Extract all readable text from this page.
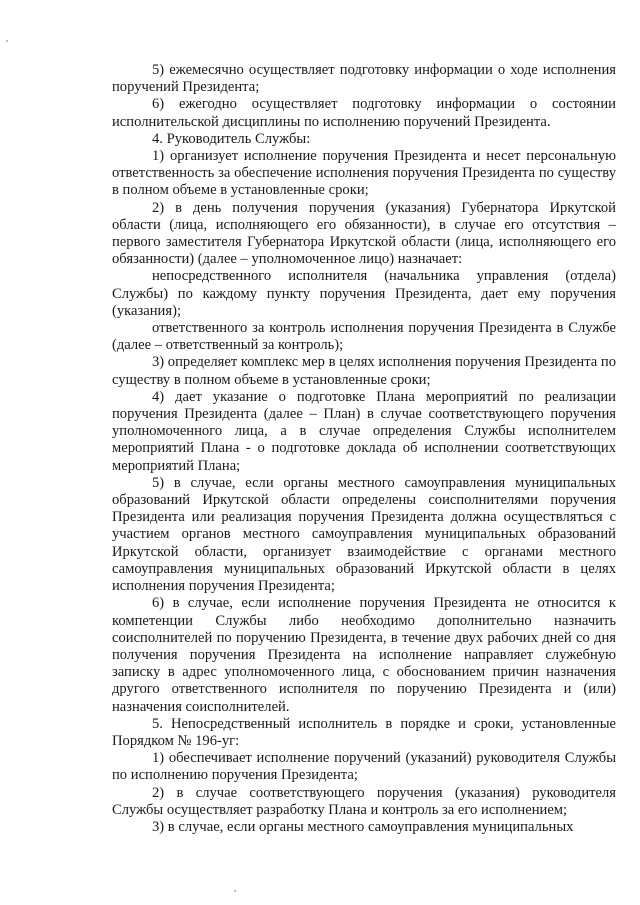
5) ежемесячно осуществляет подготовку информации о ходе исполнения поручений Президента;

6) ежегодно осуществляет подготовку информации о состоянии исполнительской дисциплины по исполнению поручений Президента.

4. Руководитель Службы:

1) организует исполнение поручения Президента и несет персональную ответственность за обеспечение исполнения поручения Президента по существу в полном объеме в установленные сроки;

2) в день получения поручения (указания) Губернатора Иркутской области (лица, исполняющего его обязанности), в случае его отсутствия – первого заместителя Губернатора Иркутской области (лица, исполняющего его обязанности) (далее – уполномоченное лицо) назначает:

непосредственного исполнителя (начальника управления (отдела) Службы) по каждому пункту поручения Президента, дает ему поручения (указания);

ответственного за контроль исполнения поручения Президента в Службе (далее – ответственный за контроль);

3) определяет комплекс мер в целях исполнения поручения Президента по существу в полном объеме в установленные сроки;

4) дает указание о подготовке Плана мероприятий по реализации поручения Президента (далее – План) в случае соответствующего поручения уполномоченного лица, а в случае определения Службы исполнителем мероприятий Плана - о подготовке доклада об исполнении соответствующих мероприятий Плана;

5) в случае, если органы местного самоуправления муниципальных образований Иркутской области определены соисполнителями поручения Президента или реализация поручения Президента должна осуществляться с участием органов местного самоуправления муниципальных образований Иркутской области, организует взаимодействие с органами местного самоуправления муниципальных образований Иркутской области в целях исполнения поручения Президента;

6) в случае, если исполнение поручения Президента не относится к компетенции Службы либо необходимо дополнительно назначить соисполнителей по поручению Президента, в течение двух рабочих дней со дня получения поручения Президента на исполнение направляет служебную записку в адрес уполномоченного лица, с обоснованием причин назначения другого ответственного исполнителя по поручению Президента и (или) назначения соисполнителей.

5. Непосредственный исполнитель в порядке и сроки, установленные Порядком № 196-уг:

1) обеспечивает исполнение поручений (указаний) руководителя Службы по исполнению поручения Президента;

2) в случае соответствующего поручения (указания) руководителя Службы осуществляет разработку Плана и контроль за его исполнением;

3) в случае, если органы местного самоуправления муниципальных
